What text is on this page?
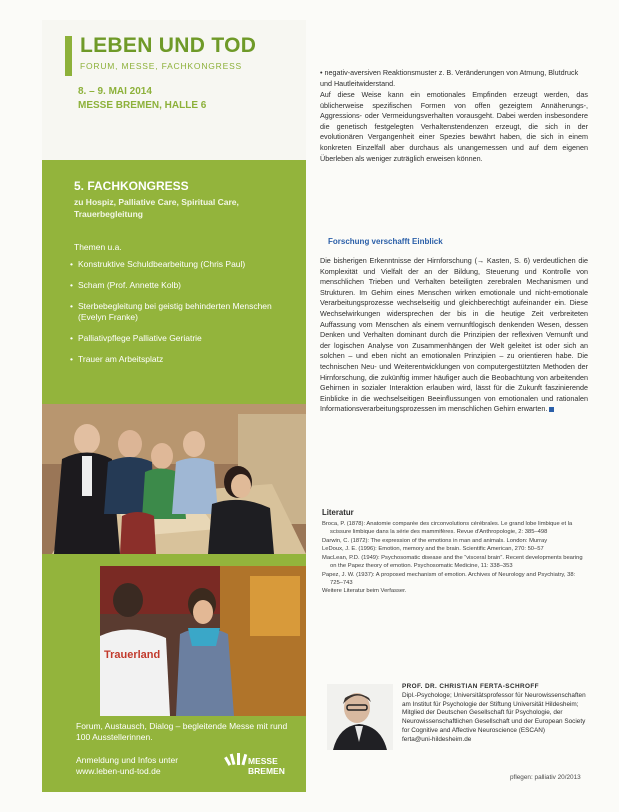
LEBEN UND TOD
FORUM, MESSE, FACHKONGRESS
8. – 9. MAI 2014
MESSE BREMEN, HALLE 6
5. FACHKONGRESS
zu Hospiz, Palliative Care, Spiritual Care, Trauerbegleitung
Themen u.a.
• Konstruktive Schuldbearbeitung (Chris Paul)
• Scham (Prof. Annette Kolb)
• Sterbebegleitung bei geistig behinderten Menschen (Evelyn Franke)
• Palliativpflege Palliative Geriatrie
• Trauer am Arbeitsplatz
Trauerland
Forum, Austausch, Dialog – begleitende Messe mit rund 100 Ausstellerinnen.
Anmeldung und Infos unter www.leben-und-tod.de
MESSE BREMEN
• negativ-aversiven Reaktionsmuster z. B. Veränderungen von Atmung, Blutdruck und Hautleitwiderstand.
Auf diese Weise kann ein emotionales Empfinden erzeugt werden, das üblicherweise spezifischen Formen von offen gezeigtem Annäherungs-, Aggressions- oder Vermeidungsverhalten vorausgeht. Dabei werden insbesondere die genetisch festgelegten Verhaltenstendenzen erzeugt, die sich in der evolutionären Vergangenheit einer Spezies bewährt haben, die sich in einem konkreten Einzelfall aber durchaus als unangemessen und auf dem eigenen Überleben als weniger zuträglich erweisen können.
Forschung verschafft Einblick
Die bisherigen Erkenntnisse der Hirnforschung (→ Kasten, S. 6) verdeutlichen die Komplexität und Vielfalt der an der Bildung, Steuerung und Kontrolle von menschlichen Trieben und Verhalten beteiligten zerebralen Mechanismen und Strukturen. Im Gehirn eines Menschen wirken emotionale und nicht-emotionale Verarbeitungsprozesse wechselseitig und gleichberechtigt aufeinander ein. Diese Wechselwirkungen widersprechen der bis in die heutige Zeit verbreiteten Auffassung vom Menschen als einem vernunftlogisch denkenden Wesen, dessen Denken und Verhalten dominant durch die Prinzipien der reflexiven Vernunft und der logischen Analyse von Zusammenhängen der Welt geleitet ist oder sich an solchen – und eben nicht an emotionalen Prinzipien – zu orientieren habe. Die technischen Neu- und Weiterentwicklungen von computergestützten Methoden der Hirnforschung, die zukünftig immer häufiger auch die Beobachtung von arbeitenden Gehirnen in sozialer Interaktion erlauben wird, lässt für die Zukunft faszinierende Einblicke in die wechselseitigen Beeinflussungen von emotionalen und rationalen Informationsverarbeitungsprozessen im menschlichen Gehirn erwarten.
Literatur

Broca, P. (1878): Anatomie comparée des circonvolutions cérébrales. Le grand lobe limbique et la scissure limbique dans la série des mammifères. Revue d'Anthropologie, 2: 385–498

Darwin, C. (1872): The expression of the emotions in man and animals. London: Murray

LeDoux, J. E. (1996): Emotion, memory and the brain. Scientific American, 270: 50–57

MacLean, P.D. (1949): Psychosomatic disease and the “visceral brain”. Recent developments bearing on the Papez theory of emotion. Psychosomatic Medicine, 11: 338–353

Papez, J. W. (1937): A proposed mechanism of emotion. Archives of Neurology and Psychiatry, 38: 725–743

Weitere Literatur beim Verfasser.

PROF. DR. CHRISTIAN FERTA-SCHROFF
Dipl.-Psychologe; Universitätsprofessor für Neurowissenschaften am Institut für Psychologie der Stiftung Universität Hildesheim; Mitglied der Deutschen Gesellschaft für Psychologie, der Neurowissenschaftlichen Gesellschaft und der European Society for Cognitive and Affective Neuroscience (ESCAN)
ferta@uni-hildesheim.de
pflegen: palliativ 20/2013
